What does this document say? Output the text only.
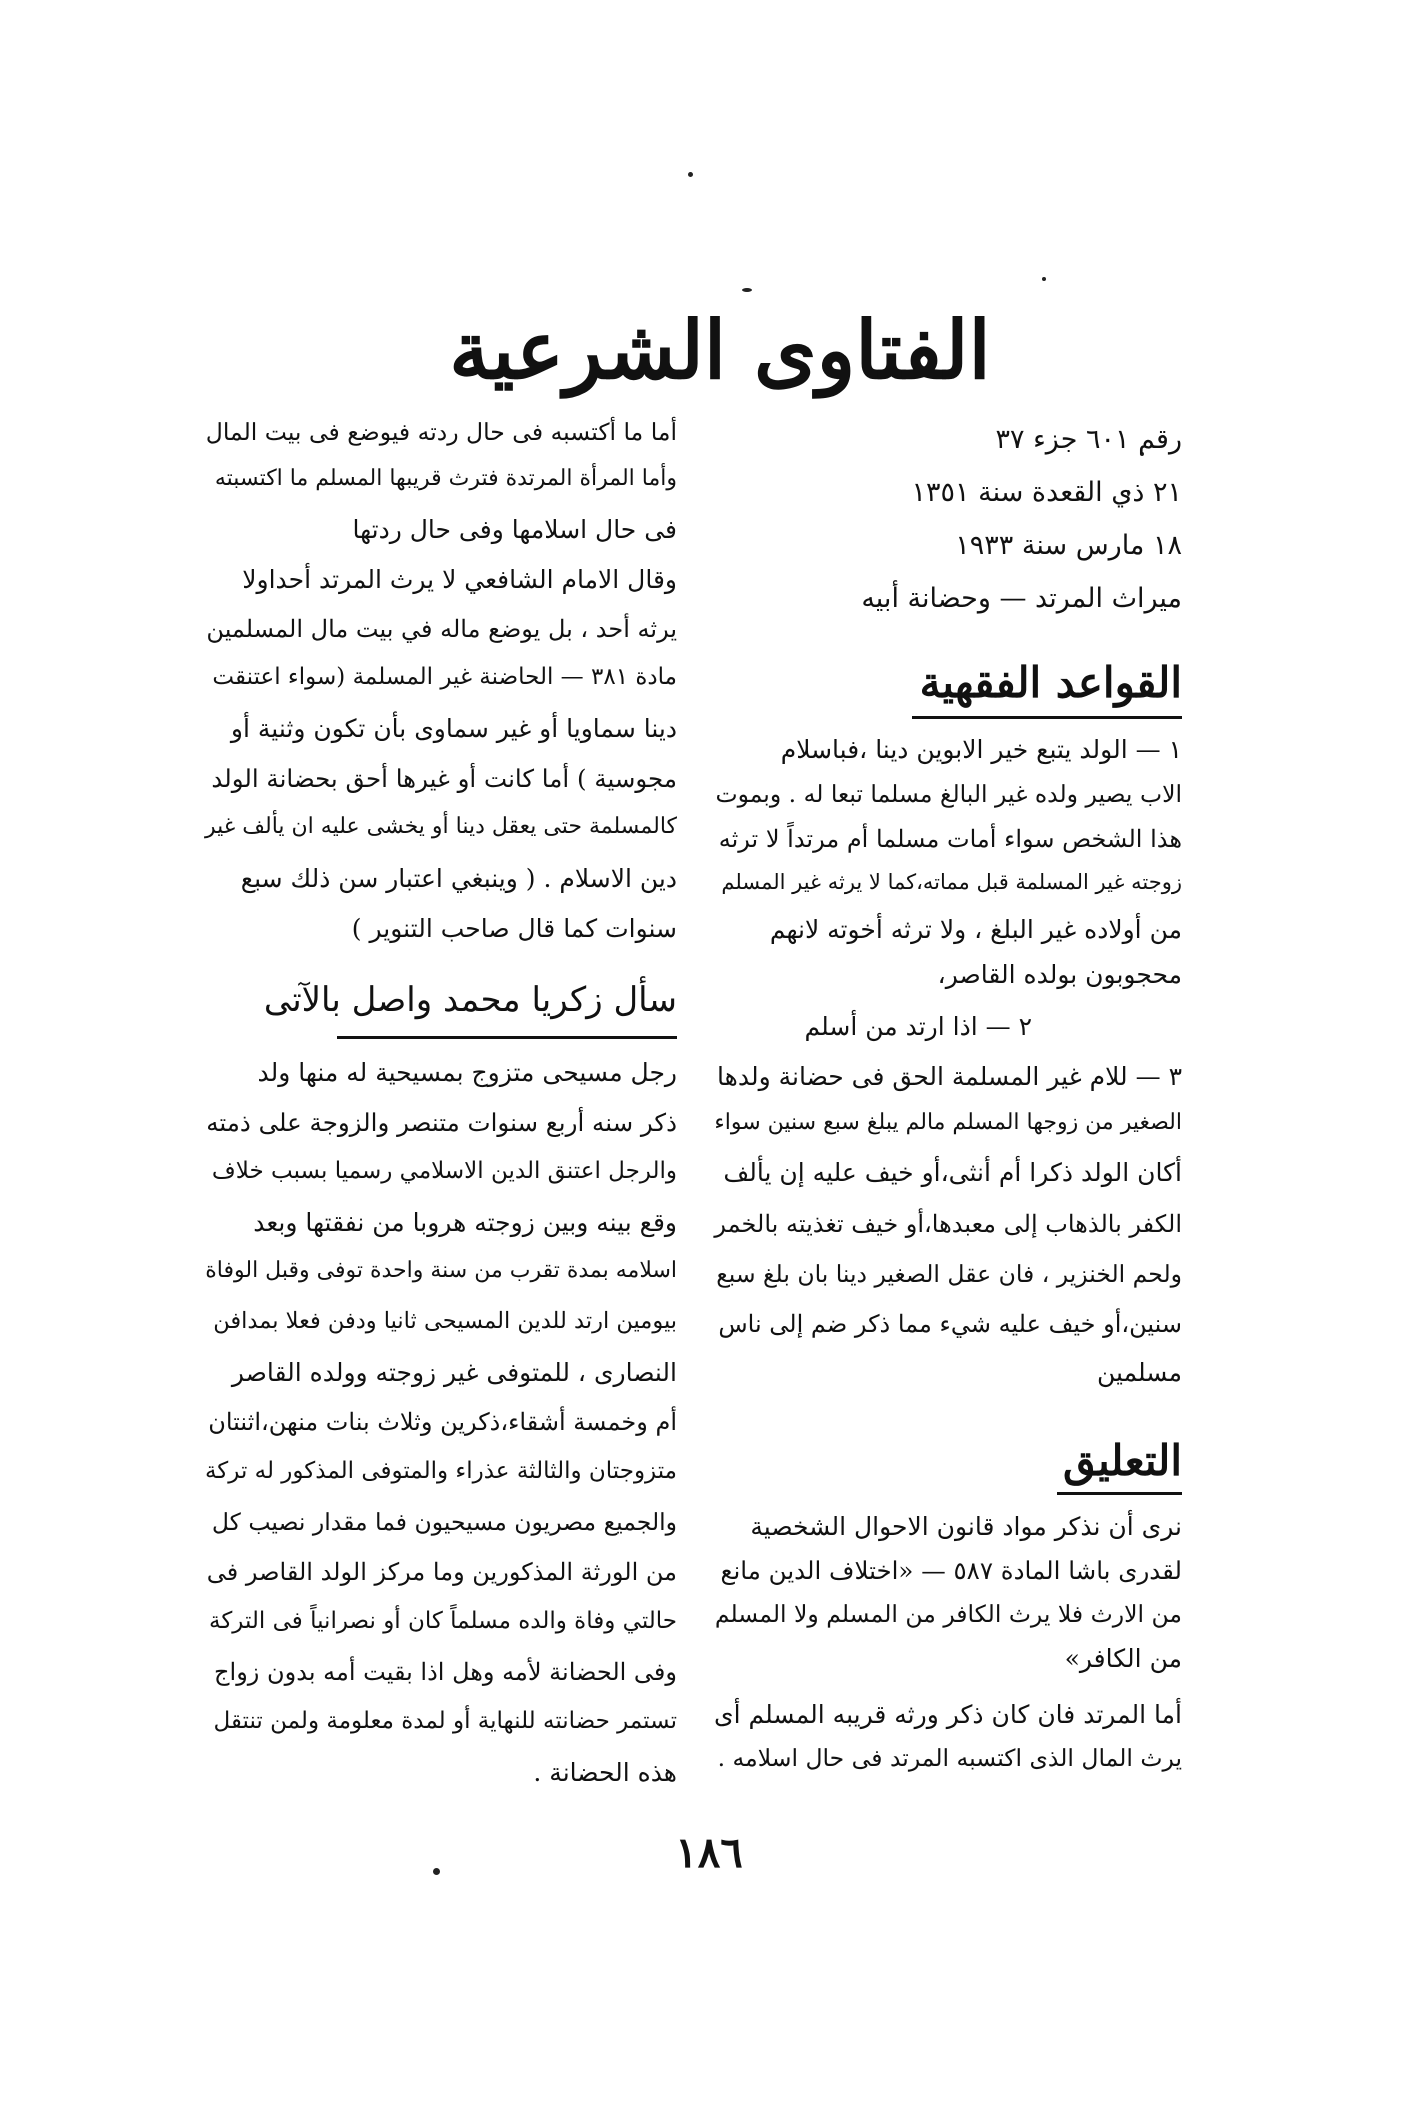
الفتاوى الشرعية
رقم ٦٠١ جزء ٣٧
٢١ ذي القعدة سنة ١٣٥١
١٨ مارس سنة ١٩٣٣
ميراث المرتد — وحضانة أبيه
القواعد الفقهية
١ — الولد يتبع خير الابوين دينا ،فباسلام
الاب يصير ولده غير البالغ مسلما تبعا له . وبموت
هذا الشخص سواء أمات مسلما أم مرتداً لا ترثه
زوجته غير المسلمة قبل مماته،كما لا يرثه غير المسلم
من أولاده غير البلغ ، ولا ترثه أخوته لانهم
محجوبون بولده القاصر،
٢ — اذا ارتد من أسلم
٣ — للام غير المسلمة الحق فى حضانة ولدها
الصغير من زوجها المسلم مالم يبلغ سبع سنين سواء
أكان الولد ذكرا أم أنثى،أو خيف عليه إن يألف
الكفر بالذهاب إلى معبدها،أو خيف تغذيته بالخمر
ولحم الخنزير ، فان عقل الصغير دينا بان بلغ سبع
سنين،أو خيف عليه شيء مما ذكر ضم إلى ناس
مسلمين
التعليق
نرى أن نذكر مواد قانون الاحوال الشخصية
لقدرى باشا المادة ٥٨٧ — «اختلاف الدين مانع
من الارث فلا يرث الكافر من المسلم ولا المسلم
من الكافر»
أما المرتد فان كان ذكر ورثه قريبه المسلم أى
يرث المال الذى اكتسبه المرتد فى حال اسلامه .
أما ما أكتسبه فى حال ردته فيوضع فى بيت المال
وأما المرأة المرتدة فترث قريبها المسلم ما اكتسبته
فى حال اسلامها وفى حال ردتها
وقال الامام الشافعي لا يرث المرتد أحداولا
يرثه أحد ، بل يوضع ماله في بيت مال المسلمين
مادة ٣٨١ — الحاضنة غير المسلمة (سواء اعتنقت
دينا سماويا أو غير سماوى بأن تكون وثنية أو
مجوسية ) أما كانت أو غيرها أحق بحضانة الولد
كالمسلمة حتى يعقل دينا أو يخشى عليه ان يألف غير
دين الاسلام . ( وينبغي اعتبار سن ذلك سبع
سنوات كما قال صاحب التنوير )
سأل زكريا محمد واصل بالآتى
رجل مسيحى متزوج بمسيحية له منها ولد
ذكر سنه أربع سنوات متنصر والزوجة على ذمته
والرجل اعتنق الدين الاسلامي رسميا بسبب خلاف
وقع بينه وبين زوجته هروبا من نفقتها وبعد
اسلامه بمدة تقرب من سنة واحدة توفى وقبل الوفاة
بيومين ارتد للدين المسيحى ثانيا ودفن فعلا بمدافن
النصارى ، للمتوفى غير زوجته وولده القاصر
أم وخمسة أشقاء،ذكرين وثلاث بنات منهن،اثنتان
متزوجتان والثالثة عذراء والمتوفى المذكور له تركة
والجميع مصريون مسيحيون فما مقدار نصيب كل
من الورثة المذكورين وما مركز الولد القاصر فى
حالتي وفاة والده مسلماً كان أو نصرانياً فى التركة
وفى الحضانة لأمه وهل اذا بقيت أمه بدون زواج
تستمر حضانته للنهاية أو لمدة معلومة ولمن تنتقل
هذه الحضانة .
١٨٦
